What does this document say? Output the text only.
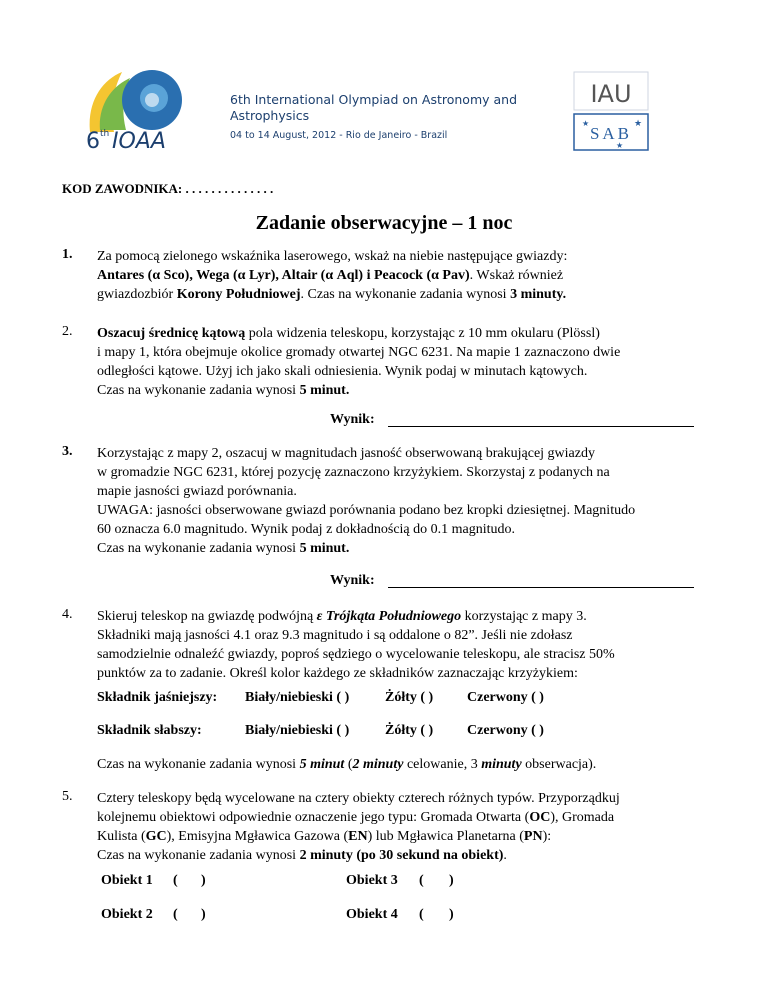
6 th IOAA
6th International Olympiad on Astronomy and
Astrophysics
04 to 14 August, 2012 - Rio de Janeiro - Brazil
IAU
SAB
★
★
★
KOD ZAWODNIKA: . . . . . . . . . . . . . .
Zadanie obserwacyjne – 1 noc
1. Za pomocą zielonego wskaźnika laserowego, wskaż na niebie następujące gwiazdy:
Antares (α Sco), Wega (α Lyr), Altair (α Aql) i Peacock (α Pav). Wskaż również
gwiazdozbiór Korony Południowej. Czas na wykonanie zadania wynosi 3 minuty.
2. Oszacuj średnicę kątową pola widzenia teleskopu, korzystając z 10 mm okularu (Plössl)
i mapy 1, która obejmuje okolice gromady otwartej NGC 6231. Na mapie 1 zaznaczono dwie
odległości kątowe. Użyj ich jako skali odniesienia. Wynik podaj w minutach kątowych.
Czas na wykonanie zadania wynosi 5 minut.
Wynik:
3. Korzystając z mapy 2, oszacuj w magnitudach jasność obserwowaną brakującej gwiazdy
w gromadzie NGC 6231, której pozycję zaznaczono krzyżykiem. Skorzystaj z podanych na
mapie jasności gwiazd porównania.
UWAGA: jasności obserwowane gwiazd porównania podano bez kropki dziesiętnej. Magnitudo
60 oznacza 6.0 magnitudo. Wynik podaj z dokładnością do 0.1 magnitudo.
Czas na wykonanie zadania wynosi 5 minut.
Wynik:
4. Skieruj teleskop na gwiazdę podwójną ε Trójkąta Południowego korzystając z mapy 3.
Składniki mają jasności 4.1 oraz 9.3 magnitudo i są oddalone o 82”. Jeśli nie zdołasz
samodzielnie odnaleźć gwiazdy, poproś sędziego o wycelowanie teleskopu, ale stracisz 50%
punktów za to zadanie. Określ kolor każdego ze składników zaznaczając krzyżykiem:
Składnik jaśniejszy: Biały/niebieski ( )	Żółty ( ) Czerwony ( )
Składnik słabszy:	Biały/niebieski ( )	Żółty ( ) Czerwony ( )
Czas na wykonanie zadania wynosi 5 minut (2 minuty celowanie, 3 minuty obserwacja).
5. Cztery teleskopy będą wycelowane na cztery obiekty czterech różnych typów. Przyporządkuj
kolejnemu obiektowi odpowiednie oznaczenie jego typu: Gromada Otwarta (OC), Gromada
Kulista (GC), Emisyjna Mgławica Gazowa (EN) lub Mgławica Planetarna (PN):
Czas na wykonanie zadania wynosi 2 minuty (po 30 sekund na obiekt).
Obiekt 1 ( )	Obiekt 3 ( )
Obiekt 2 ( )	Obiekt 4 ( )
